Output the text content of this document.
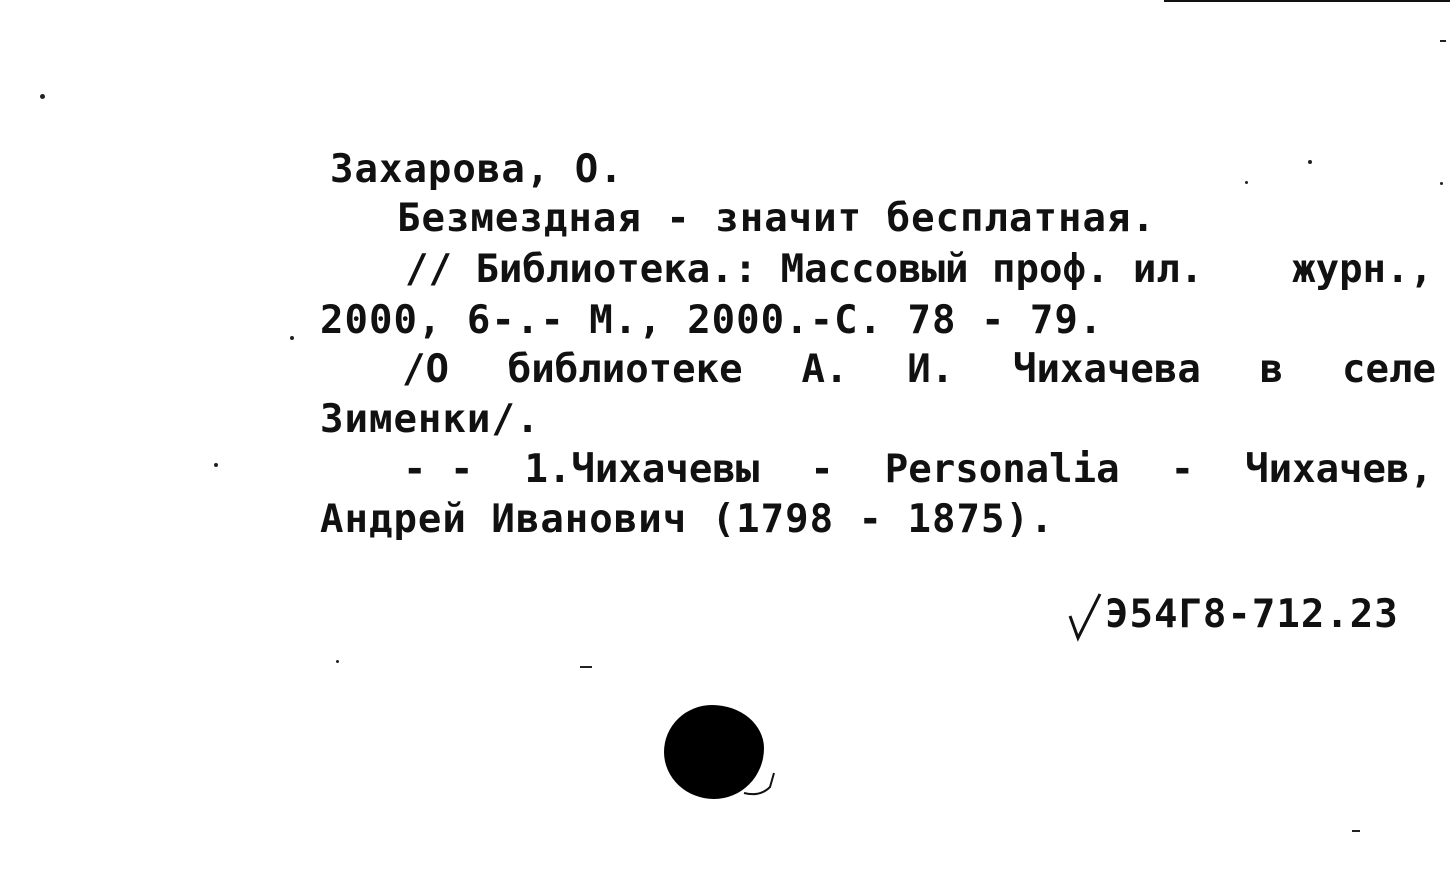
Захарова, О.
Безмездная - значит бесплатная.
// Библиотека.: Массовый проф. ил. журн.,
2000, 6-.- М., 2000.-С. 78 - 79.
/О библиотеке А. И. Чихачева в селе
Зименки/.
- - 1.Чихачевы - Personalia - Чихачев,
Андрей Иванович (1798 - 1875).
Э54Г8-712.23
